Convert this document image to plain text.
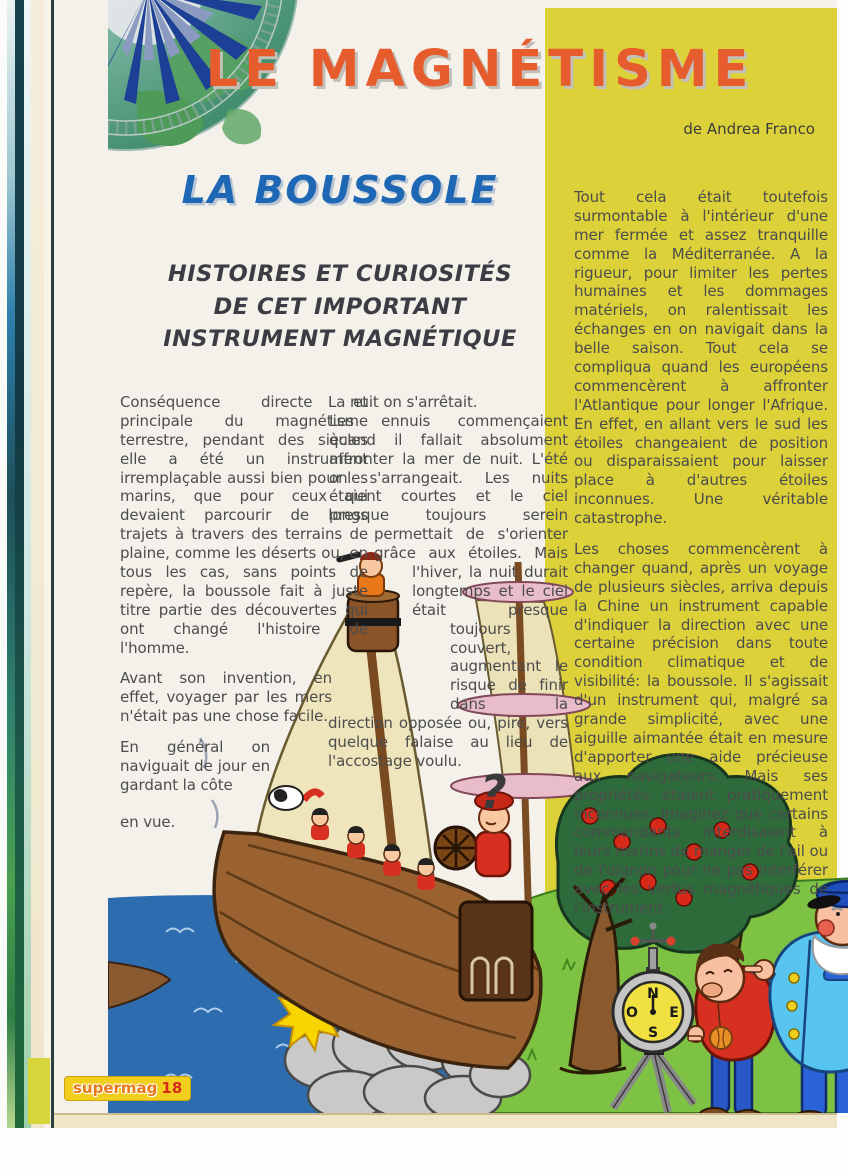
LE MAGNÉTISME
de Andrea Franco
LA BOUSSOLE
HISTOIRES ET CURIOSITÉS
DE CET IMPORTANT
INSTRUMENT MAGNÉTIQUE
?
N
E
S
O

Conséquence directe et principale du magnétisme terrestre, pendant des siècles elle a été un instrument irremplaçable aussi bien pour les marins, que pour ceux qui devaient parcourir de longs trajets à travers des terrains de plaine, comme les déserts ou, en tous les cas, sans points de repère, la boussole fait à juste titre partie des découvertes qui ont changé l'histoire de l'homme.

Avant son invention, en effet, voyager par les mers n'était pas une chose facile.

En général on naviguait de jour en gardant la côte

en vue.

La nuit on s'arrêtait.

Les ennuis commençaient quand il fallait absolument affronter la mer de nuit. L'été on s'arrangeait. Les nuits étaient courtes et le ciel presque toujours serein permettait de s'orienter grâce aux étoiles. Mais l'hiver, la nuit durait longtemps et le ciel était presque toujours couvert, augmentant le risque de finir dans la direction opposée ou, pire, vers quelque falaise au lieu de l'accostage voulu.

Tout cela était toutefois surmontable à l'intérieur d'une mer fermée et assez tranquille comme la Méditerranée. A la rigueur, pour limiter les pertes humaines et les dommages matériels, on ralentissait les échanges en on navigait dans la belle saison. Tout cela se compliqua quand les européens commencèrent à affronter l'Atlantique pour longer l'Afrique. En effet, en allant vers le sud les étoiles changeaient de position ou disparaissaient pour laisser place à d'autres étoiles inconnues. Une véritable catastrophe.

Les choses commencèrent à changer quand, après un voyage de plusieurs siècles, arriva depuis la Chine un instrument capable d'indiquer la direction avec une certaine précision dans toute condition climatique et de visibilité: la boussole. Il s'agissait d'un instrument qui, malgré sa grande simplicité, avec une aiguille aimantée était en mesure d'apporter une aide précieuse aux navigateurs. Mais ses propriétés étaient pratiquement inconnues. Imaginez que certains commandants interdisaient à leurs marins de manger de l'ail ou de l'oignon pour ne pas interférer avec les vertus magnétiques de l'instrument.

supermag 18
